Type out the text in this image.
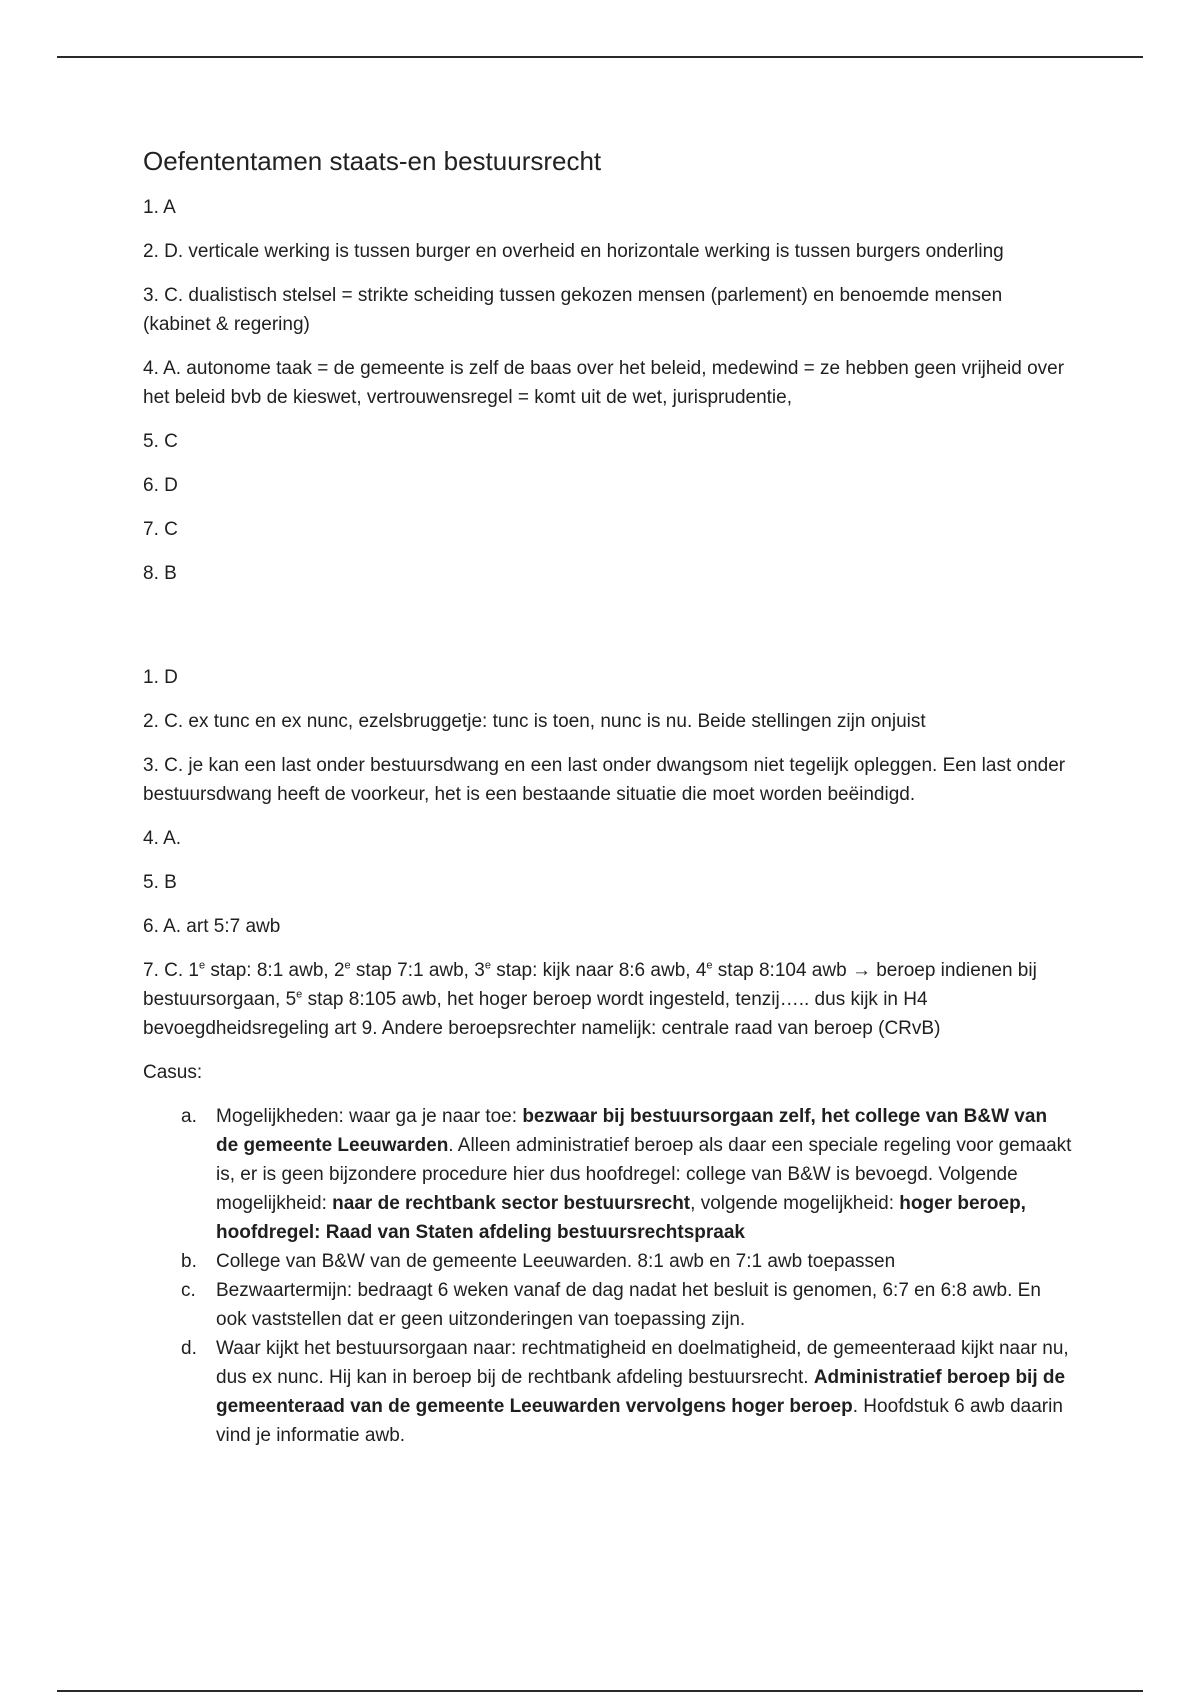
Oefententamen staats-en bestuursrecht

1. A

2. D. verticale werking is tussen burger en overheid en horizontale werking is tussen burgers onderling

3. C. dualistisch stelsel = strikte scheiding tussen gekozen mensen (parlement) en benoemde mensen (kabinet & regering)

4. A. autonome taak = de gemeente is zelf de baas over het beleid, medewind = ze hebben geen vrijheid over het beleid bvb de kieswet, vertrouwensregel = komt uit de wet, jurisprudentie,

5. C

6. D

7. C

8. B

1. D

2. C. ex tunc en ex nunc, ezelsbruggetje: tunc is toen, nunc is nu. Beide stellingen zijn onjuist

3. C. je kan een last onder bestuursdwang en een last onder dwangsom niet tegelijk opleggen. Een last onder bestuursdwang heeft de voorkeur, het is een bestaande situatie die moet worden beëindigd.

4. A.

5. B

6. A. art 5:7 awb

7. C. 1e stap: 8:1 awb, 2e stap 7:1 awb, 3e stap: kijk naar 8:6 awb, 4e stap 8:104 awb → beroep indienen bij bestuursorgaan, 5e stap 8:105 awb, het hoger beroep wordt ingesteld, tenzij….. dus kijk in H4 bevoegdheidsregeling art 9. Andere beroepsrechter namelijk: centrale raad van beroep (CRvB)

Casus:

a. Mogelijkheden: waar ga je naar toe: bezwaar bij bestuursorgaan zelf, het college van B&W van de gemeente Leeuwarden. Alleen administratief beroep als daar een speciale regeling voor gemaakt is, er is geen bijzondere procedure hier dus hoofdregel: college van B&W is bevoegd. Volgende mogelijkheid: naar de rechtbank sector bestuursrecht, volgende mogelijkheid: hoger beroep, hoofdregel: Raad van Staten afdeling bestuursrechtspraak
b. College van B&W van de gemeente Leeuwarden. 8:1 awb en 7:1 awb toepassen
c. Bezwaartermijn: bedraagt 6 weken vanaf de dag nadat het besluit is genomen, 6:7 en 6:8 awb. En ook vaststellen dat er geen uitzonderingen van toepassing zijn.
d. Waar kijkt het bestuursorgaan naar: rechtmatigheid en doelmatigheid, de gemeenteraad kijkt naar nu, dus ex nunc. Hij kan in beroep bij de rechtbank afdeling bestuursrecht. Administratief beroep bij de gemeenteraad van de gemeente Leeuwarden vervolgens hoger beroep. Hoofdstuk 6 awb daarin vind je informatie awb.
